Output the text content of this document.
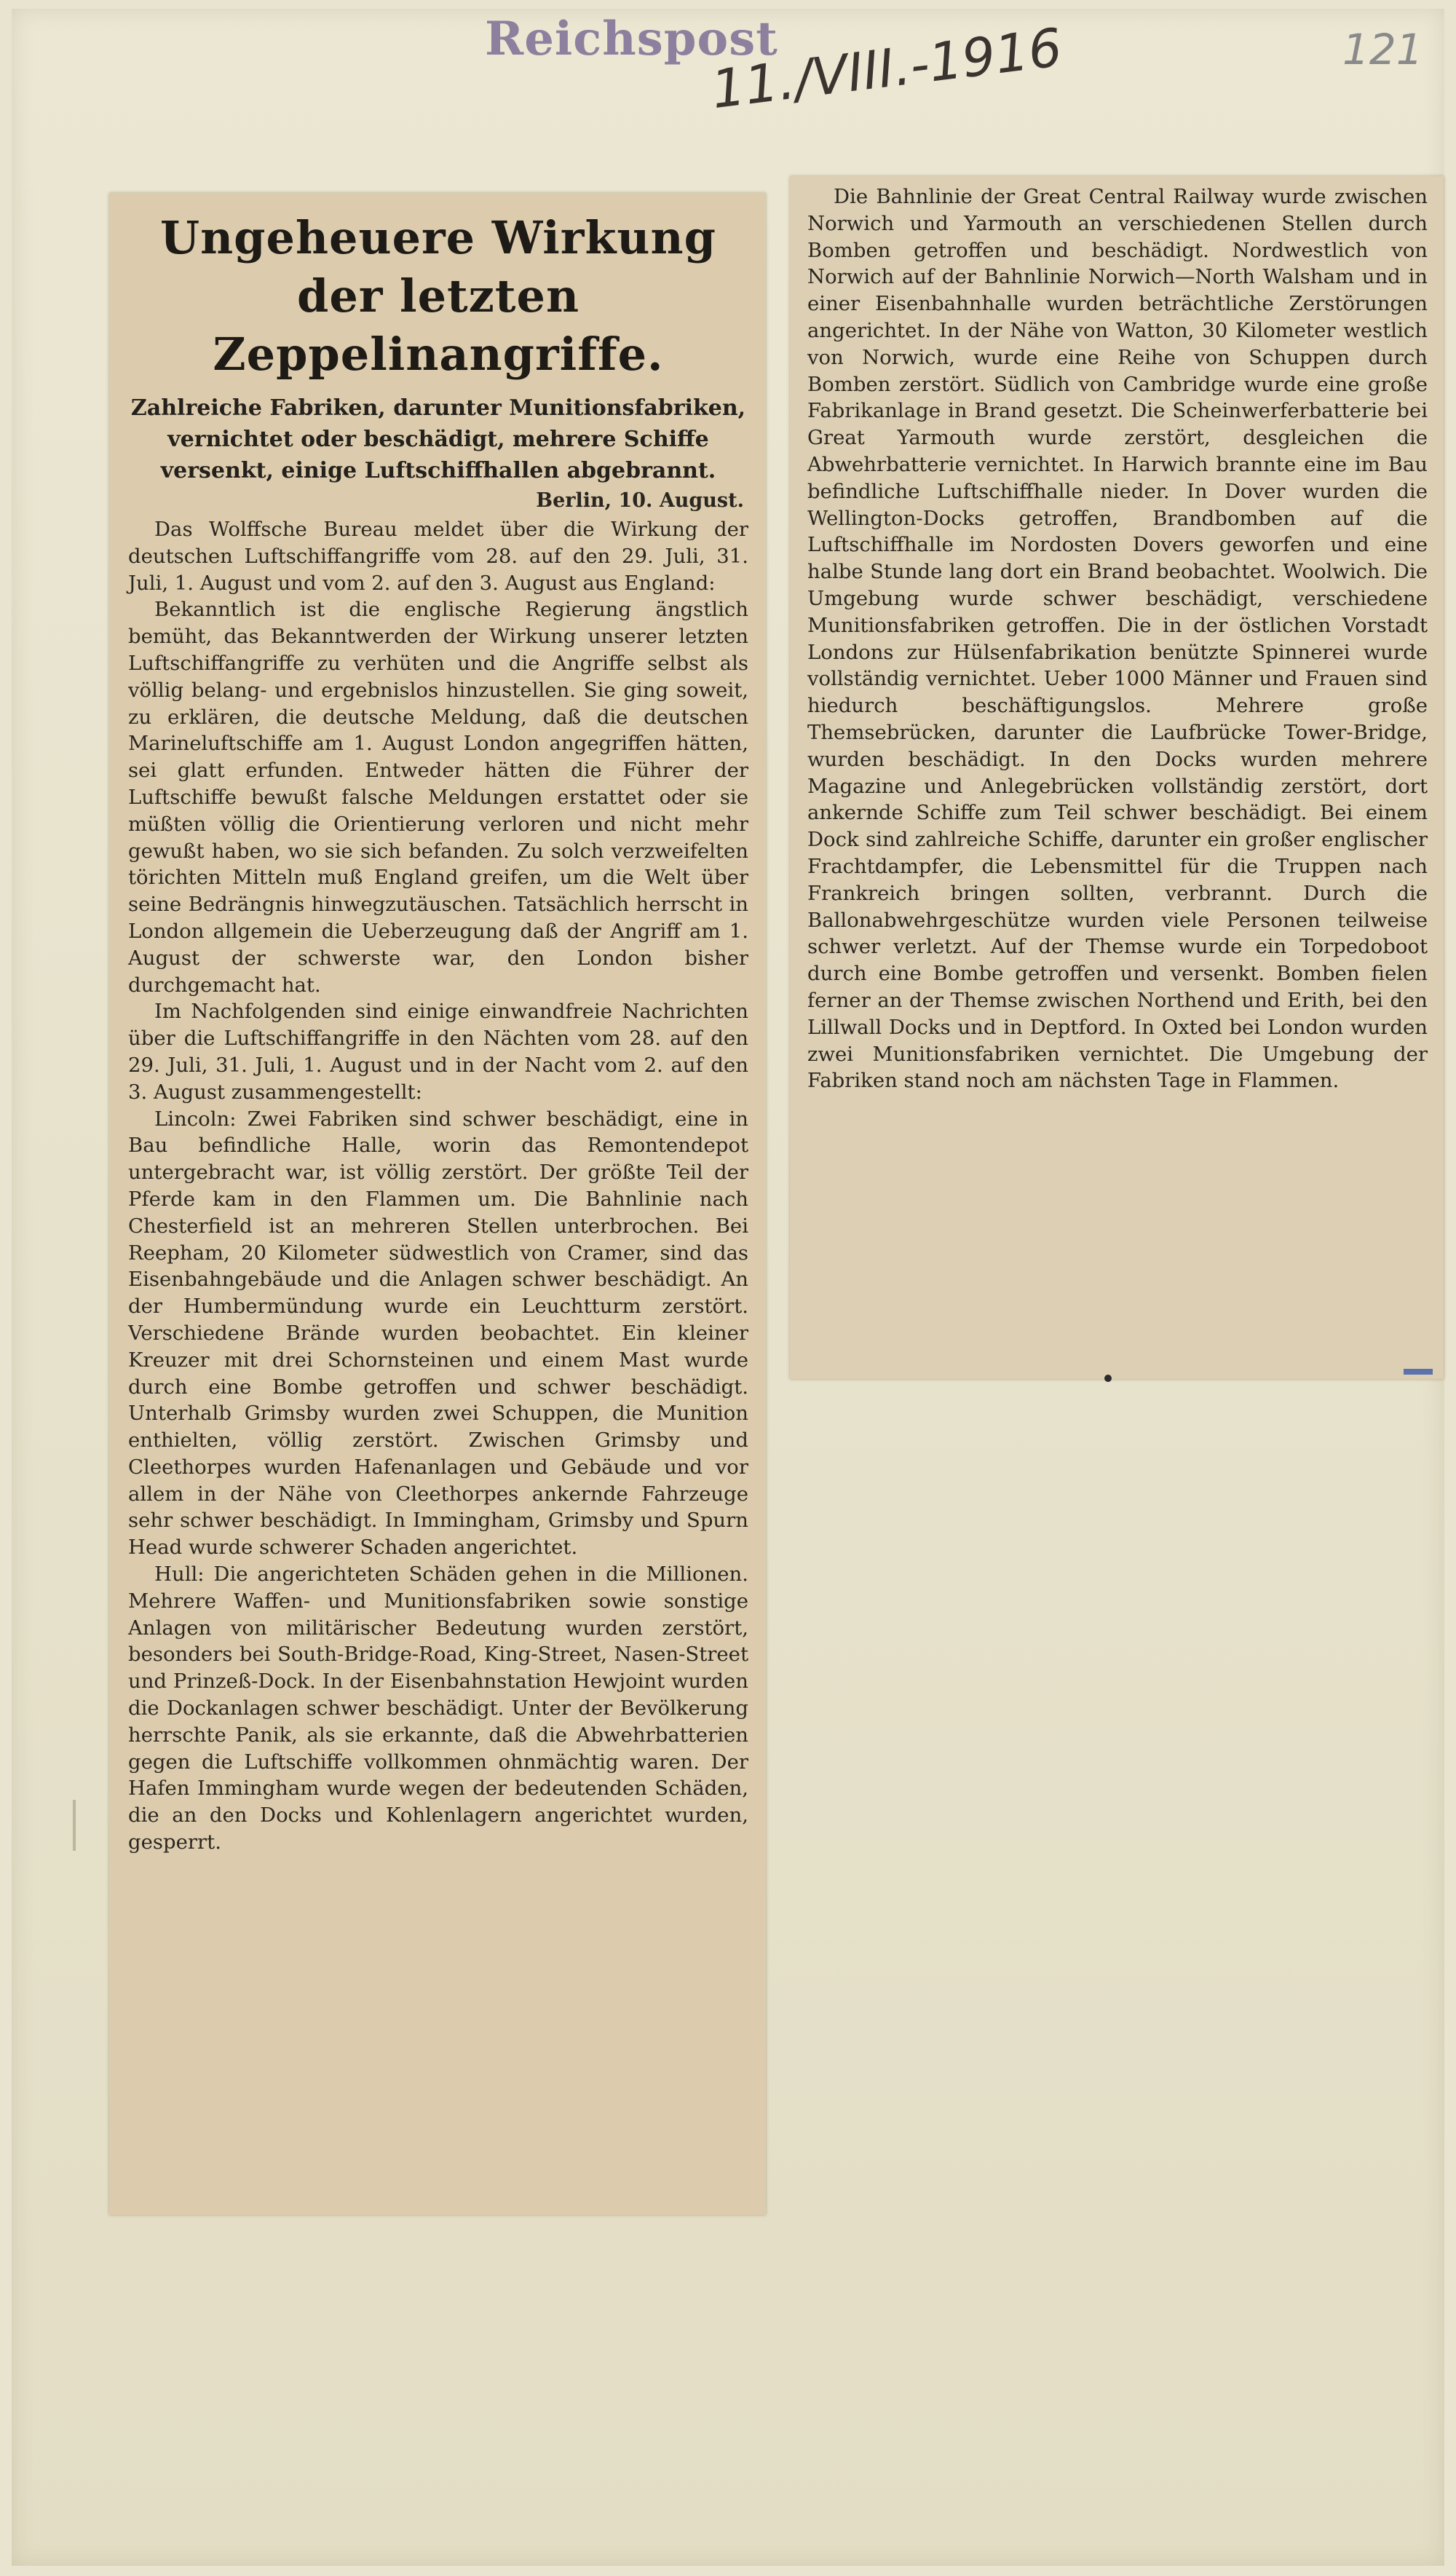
Reichspost
11./VIII.-1916	121
Ungeheuere Wirkung der letzten Zeppelinangriffe.
Zahlreiche Fabriken, darunter Munitionsfabriken, vernichtet oder beschädigt, mehrere Schiffe versenkt, einige Luftschiffhallen abgebrannt.
Berlin, 10. August.

Das Wolffsche Bureau meldet über die Wirkung der deutschen Luftschiffangriffe vom 28. auf den 29. Juli, 31. Juli, 1. August und vom 2. auf den 3. August aus England:

Bekanntlich ist die englische Regierung ängstlich bemüht, das Bekanntwerden der Wirkung unserer letzten Luftschiffangriffe zu verhüten und die Angriffe selbst als völlig belang- und ergebnislos hinzustellen. Sie ging soweit, zu erklären, die deutsche Meldung, daß die deutschen Marineluftschiffe am 1. August London angegriffen hätten, sei glatt erfunden. Entweder hätten die Führer der Luftschiffe bewußt falsche Meldungen erstattet oder sie müßten völlig die Orientierung verloren und nicht mehr gewußt haben, wo sie sich befanden. Zu solch verzweifelten törichten Mitteln muß England greifen, um die Welt über seine Bedrängnis hinwegzutäuschen. Tatsächlich herrscht in London allgemein die Ueberzeugung daß der Angriff am 1. August der schwerste war, den London bisher durchgemacht hat.

Im Nachfolgenden sind einige einwandfreie Nachrichten über die Luftschiffangriffe in den Nächten vom 28. auf den 29. Juli, 31. Juli, 1. August und in der Nacht vom 2. auf den 3. August zusammengestellt:

Lincoln: Zwei Fabriken sind schwer beschädigt, eine in Bau befindliche Halle, worin das Remontendepot untergebracht war, ist völlig zerstört. Der größte Teil der Pferde kam in den Flammen um. Die Bahnlinie nach Chesterfield ist an mehreren Stellen unterbrochen. Bei Reepham, 20 Kilometer südwestlich von Cramer, sind das Eisenbahngebäude und die Anlagen schwer beschädigt. An der Humbermündung wurde ein Leuchtturm zerstört. Verschiedene Brände wurden beobachtet. Ein kleiner Kreuzer mit drei Schornsteinen und einem Mast wurde durch eine Bombe getroffen und schwer beschädigt. Unterhalb Grimsby wurden zwei Schuppen, die Munition enthielten, völlig zerstört. Zwischen Grimsby und Cleethorpes wurden Hafenanlagen und Gebäude und vor allem in der Nähe von Cleethorpes ankernde Fahrzeuge sehr schwer beschädigt. In Immingham, Grimsby und Spurn Head wurde schwerer Schaden angerichtet.

Hull: Die angerichteten Schäden gehen in die Millionen. Mehrere Waffen- und Munitionsfabriken sowie sonstige Anlagen von militärischer Bedeutung wurden zerstört, besonders bei South-Bridge-Road, King-Street, Nasen-Street und Prinzeß-Dock. In der Eisenbahnstation Hewjoint wurden die Dockanlagen schwer beschädigt. Unter der Bevölkerung herrschte Panik, als sie erkannte, daß die Abwehrbatterien gegen die Luftschiffe vollkommen ohnmächtig waren. Der Hafen Immingham wurde wegen der bedeutenden Schäden, die an den Docks und Kohlenlagern angerichtet wurden, gesperrt.

Die Bahnlinie der Great Central Railway wurde zwischen Norwich und Yarmouth an verschiedenen Stellen durch Bomben getroffen und beschädigt. Nordwestlich von Norwich auf der Bahnlinie Norwich—North Walsham und in einer Eisenbahnhalle wurden beträchtliche Zerstörungen angerichtet. In der Nähe von Watton, 30 Kilometer westlich von Norwich, wurde eine Reihe von Schuppen durch Bomben zerstört. Südlich von Cambridge wurde eine große Fabrikanlage in Brand gesetzt. Die Scheinwerferbatterie bei Great Yarmouth wurde zerstört, desgleichen die Abwehrbatterie vernichtet. In Harwich brannte eine im Bau befindliche Luftschiffhalle nieder. In Dover wurden die Wellington-Docks getroffen, Brandbomben auf die Luftschiffhalle im Nordosten Dovers geworfen und eine halbe Stunde lang dort ein Brand beobachtet. Woolwich. Die Umgebung wurde schwer beschädigt, verschiedene Munitionsfabriken getroffen. Die in der östlichen Vorstadt Londons zur Hülsenfabrikation benützte Spinnerei wurde vollständig vernichtet. Ueber 1000 Männer und Frauen sind hiedurch beschäftigungslos. Mehrere große Themsebrücken, darunter die Laufbrücke Tower-Bridge, wurden beschädigt. In den Docks wurden mehrere Magazine und Anlegebrücken vollständig zerstört, dort ankernde Schiffe zum Teil schwer beschädigt. Bei einem Dock sind zahlreiche Schiffe, darunter ein großer englischer Frachtdampfer, die Lebensmittel für die Truppen nach Frankreich bringen sollten, verbrannt. Durch die Ballonabwehrgeschütze wurden viele Personen teilweise schwer verletzt. Auf der Themse wurde ein Torpedoboot durch eine Bombe getroffen und versenkt. Bomben fielen ferner an der Themse zwischen Northend und Erith, bei den Lillwall Docks und in Deptford. In Oxted bei London wurden zwei Munitionsfabriken vernichtet. Die Umgebung der Fabriken stand noch am nächsten Tage in Flammen.
